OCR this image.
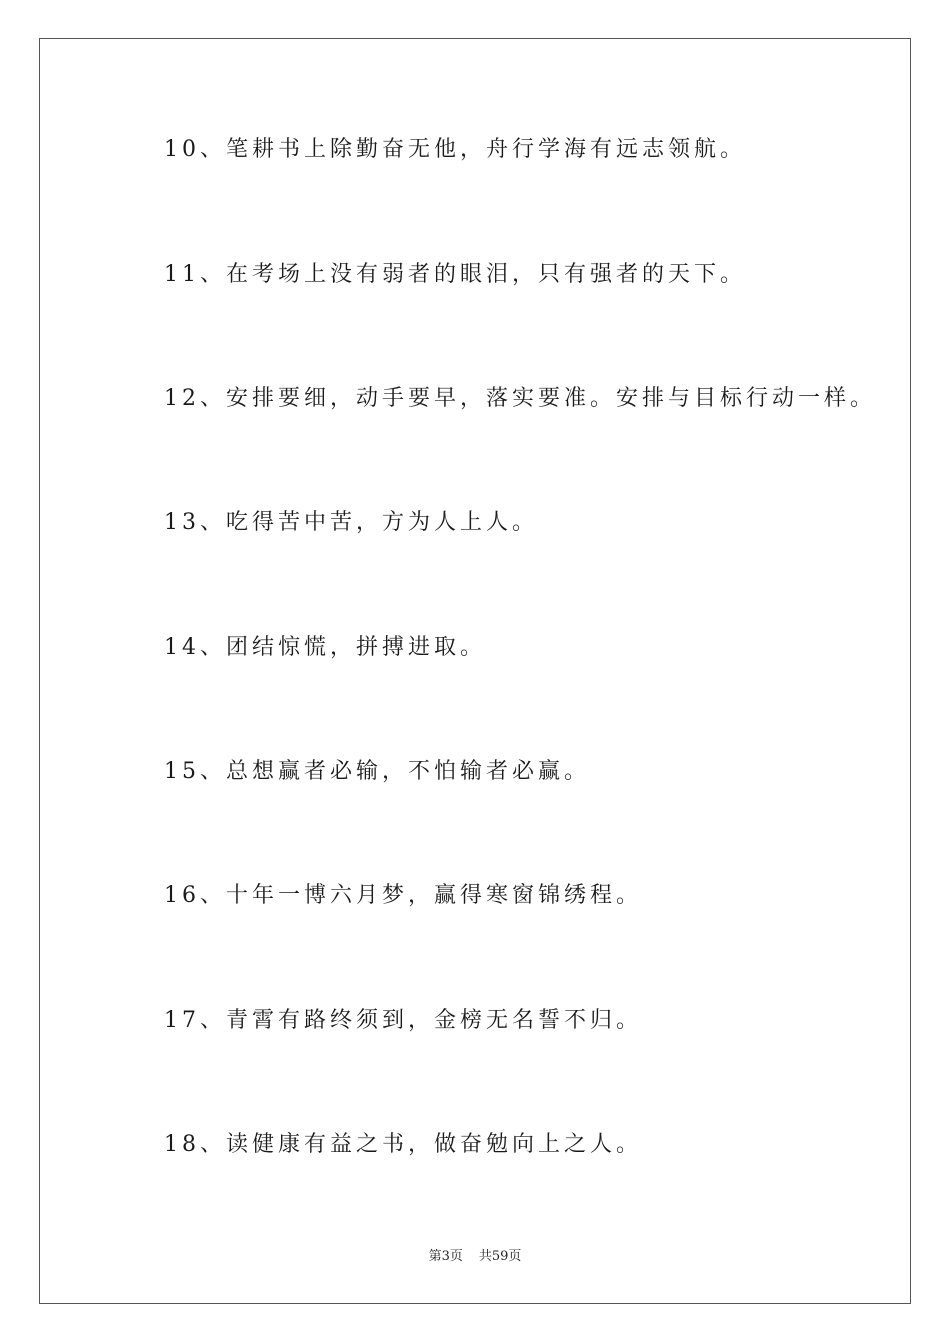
10、笔耕书上除勤奋无他，舟行学海有远志领航。
11、在考场上没有弱者的眼泪，只有强者的天下。
12、安排要细，动手要早，落实要准。安排与目标行动一样。
13、吃得苦中苦，方为人上人。
14、团结惊慌，拼搏进取。
15、总想赢者必输，不怕输者必赢。
16、十年一博六月梦，赢得寒窗锦绣程。
17、青霄有路终须到，金榜无名誓不归。
18、读健康有益之书，做奋勉向上之人。
第3页 共59页
